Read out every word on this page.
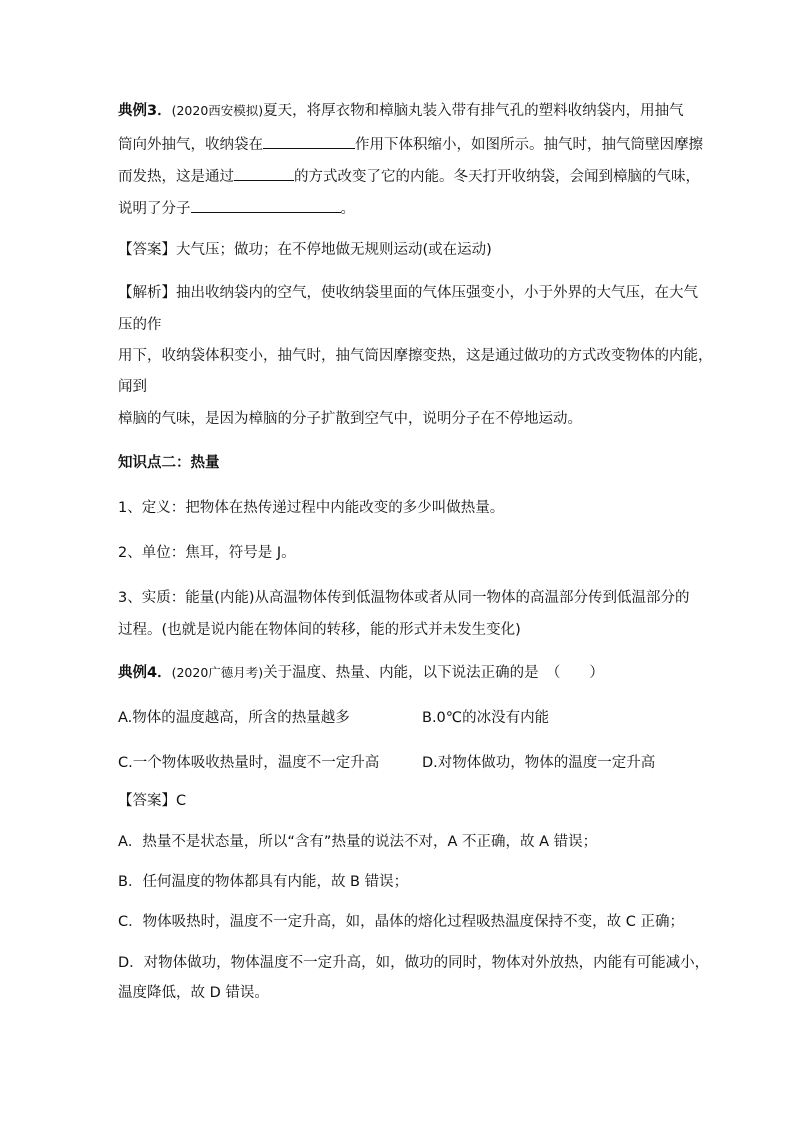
典例3．(2020西安模拟)夏天，将厚衣物和樟脑丸装入带有排气孔的塑料收纳袋内，用抽气
筒向外抽气，收纳袋在	作用下体积缩小，如图所示。抽气时，抽气筒壁因摩擦
而发热，这是通过	的方式改变了它的内能。冬天打开收纳袋，会闻到樟脑的气味，
说明了分子	。
【答案】大气压；做功；在不停地做无规则运动(或在运动)
【解析】抽出收纳袋内的空气，使收纳袋里面的气体压强变小，小于外界的大气压，在大气
压的作
用下，收纳袋体积变小，抽气时，抽气筒因摩擦变热，这是通过做功的方式改变物体的内能，
闻到
樟脑的气味，是因为樟脑的分子扩散到空气中，说明分子在不停地运动。
知识点二：热量
1、定义：把物体在热传递过程中内能改变的多少叫做热量。
2、单位：焦耳，符号是 J。
3、实质：能量(内能)从高温物体传到低温物体或者从同一物体的高温部分传到低温部分的
过程。(也就是说内能在物体间的转移，能的形式并未发生变化)
典例4．(2020广德月考)关于温度、热量、内能，以下说法正确的是　（　　）
A.物体的温度越高，所含的热量越多	B.0℃的冰没有内能
C.一个物体吸收热量时，温度不一定升高	D.对物体做功，物体的温度一定升高
【答案】C
A．热量不是状态量，所以“含有”热量的说法不对，A 不正确，故 A 错误；
B．任何温度的物体都具有内能，故 B 错误；
C．物体吸热时，温度不一定升高，如，晶体的熔化过程吸热温度保持不变，故 C 正确；
D．对物体做功，物体温度不一定升高，如，做功的同时，物体对外放热，内能有可能减小，
温度降低，故 D 错误。
